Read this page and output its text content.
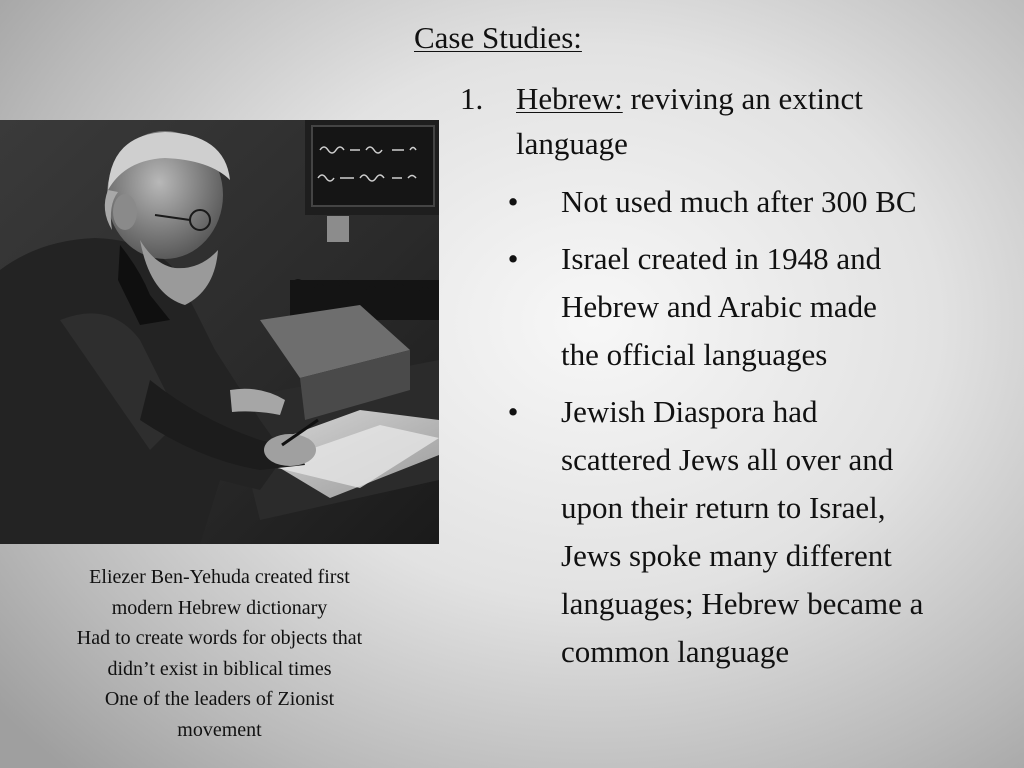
Case Studies:
1. Hebrew: reviving an extinct
language
• Not used much after 300 BC
• Israel created in 1948 and
Hebrew and Arabic made
the official languages
• Jewish Diaspora had
scattered Jews all over and
upon their return to Israel,
Jews spoke many different
languages; Hebrew became a
common language
Eliezer Ben-Yehuda created first
modern Hebrew dictionary
Had to create words for objects that
didn’t exist in biblical times
One of the leaders of Zionist
movement
